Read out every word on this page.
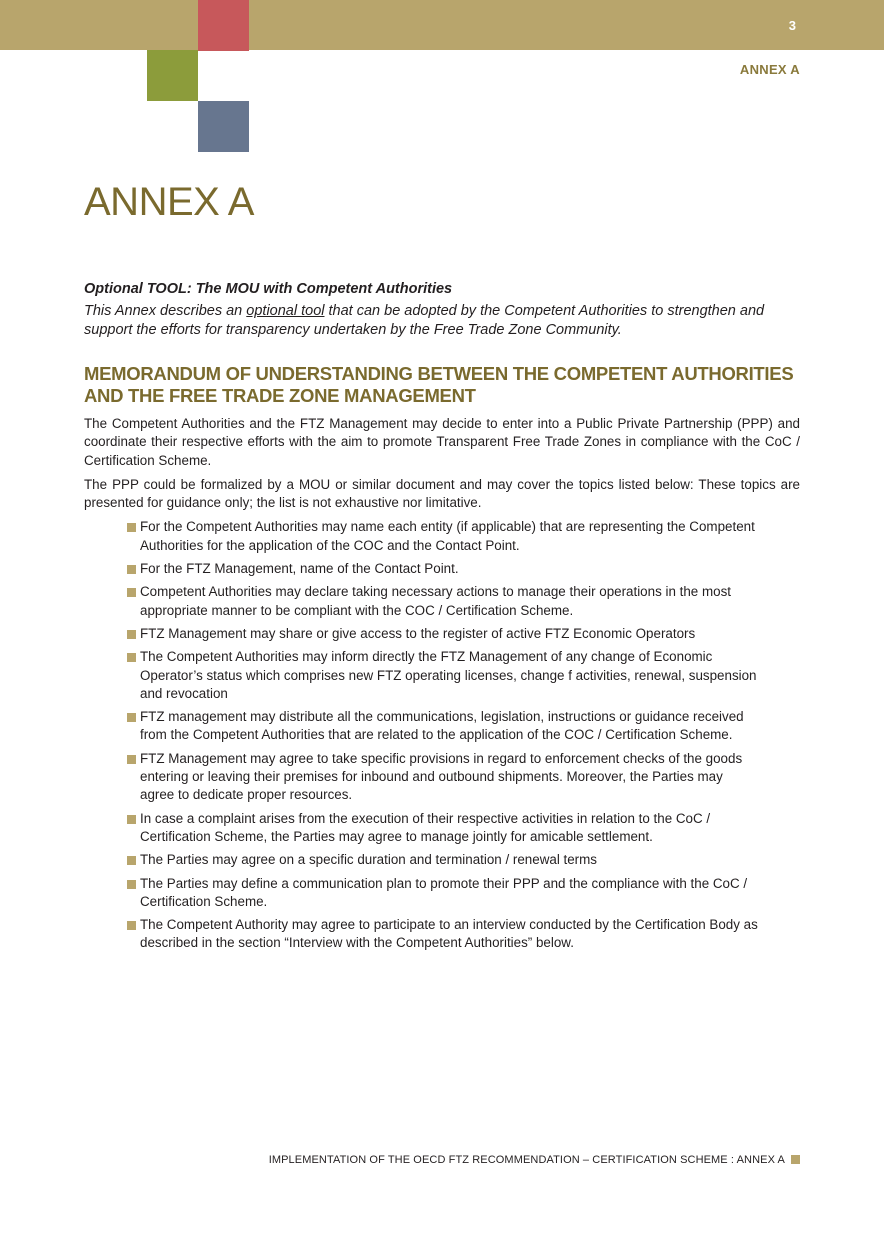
3
ANNEX A
ANNEX A
Optional TOOL: The MOU with Competent Authorities
This Annex describes an optional tool that can be adopted by the Competent Authorities to strengthen and support the efforts for transparency undertaken by the Free Trade Zone Community.
MEMORANDUM OF UNDERSTANDING BETWEEN THE COMPETENT AUTHORITIES
AND THE FREE TRADE ZONE MANAGEMENT

The Competent Authorities and the FTZ Management may decide to enter into a Public Private Partnership (PPP) and coordinate their respective efforts with the aim to promote Transparent Free Trade Zones in compliance with the CoC / Certification Scheme.

The PPP could be formalized by a MOU or similar document and may cover the topics listed below: These topics are presented for guidance only; the list is not exhaustive nor limitative.

For the Competent Authorities may name each entity (if applicable) that are representing the Competent Authorities for the application of the COC and the Contact Point.
For the FTZ Management, name of the Contact Point.
Competent Authorities may declare taking necessary actions to manage their operations in the most appropriate manner to be compliant with the COC / Certification Scheme.
FTZ Management may share or give access to the register of active FTZ Economic Operators
The Competent Authorities may inform directly the FTZ Management of any change of Economic Operator’s status which comprises new FTZ operating licenses, change f activities, renewal, suspension and revocation
FTZ management may distribute all the communications, legislation, instructions or guidance received from the Competent Authorities that are related to the application of the COC / Certification Scheme.
FTZ Management may agree to take specific provisions in regard to enforcement checks of the goods entering or leaving their premises for inbound and outbound shipments. Moreover, the Parties may agree to dedicate proper resources.
In case a complaint arises from the execution of their respective activities in relation to the CoC / Certification Scheme, the Parties may agree to manage jointly for amicable settlement.
The Parties may agree on a specific duration and termination / renewal terms
The Parties may define a communication plan to promote their PPP and the compliance with the CoC / Certification Scheme.
The Competent Authority may agree to participate to an interview conducted by the Certification Body as described in the section “Interview with the Competent Authorities” below.
IMPLEMENTATION OF THE OECD FTZ RECOMMENDATION – CERTIFICATION SCHEME : ANNEX A
